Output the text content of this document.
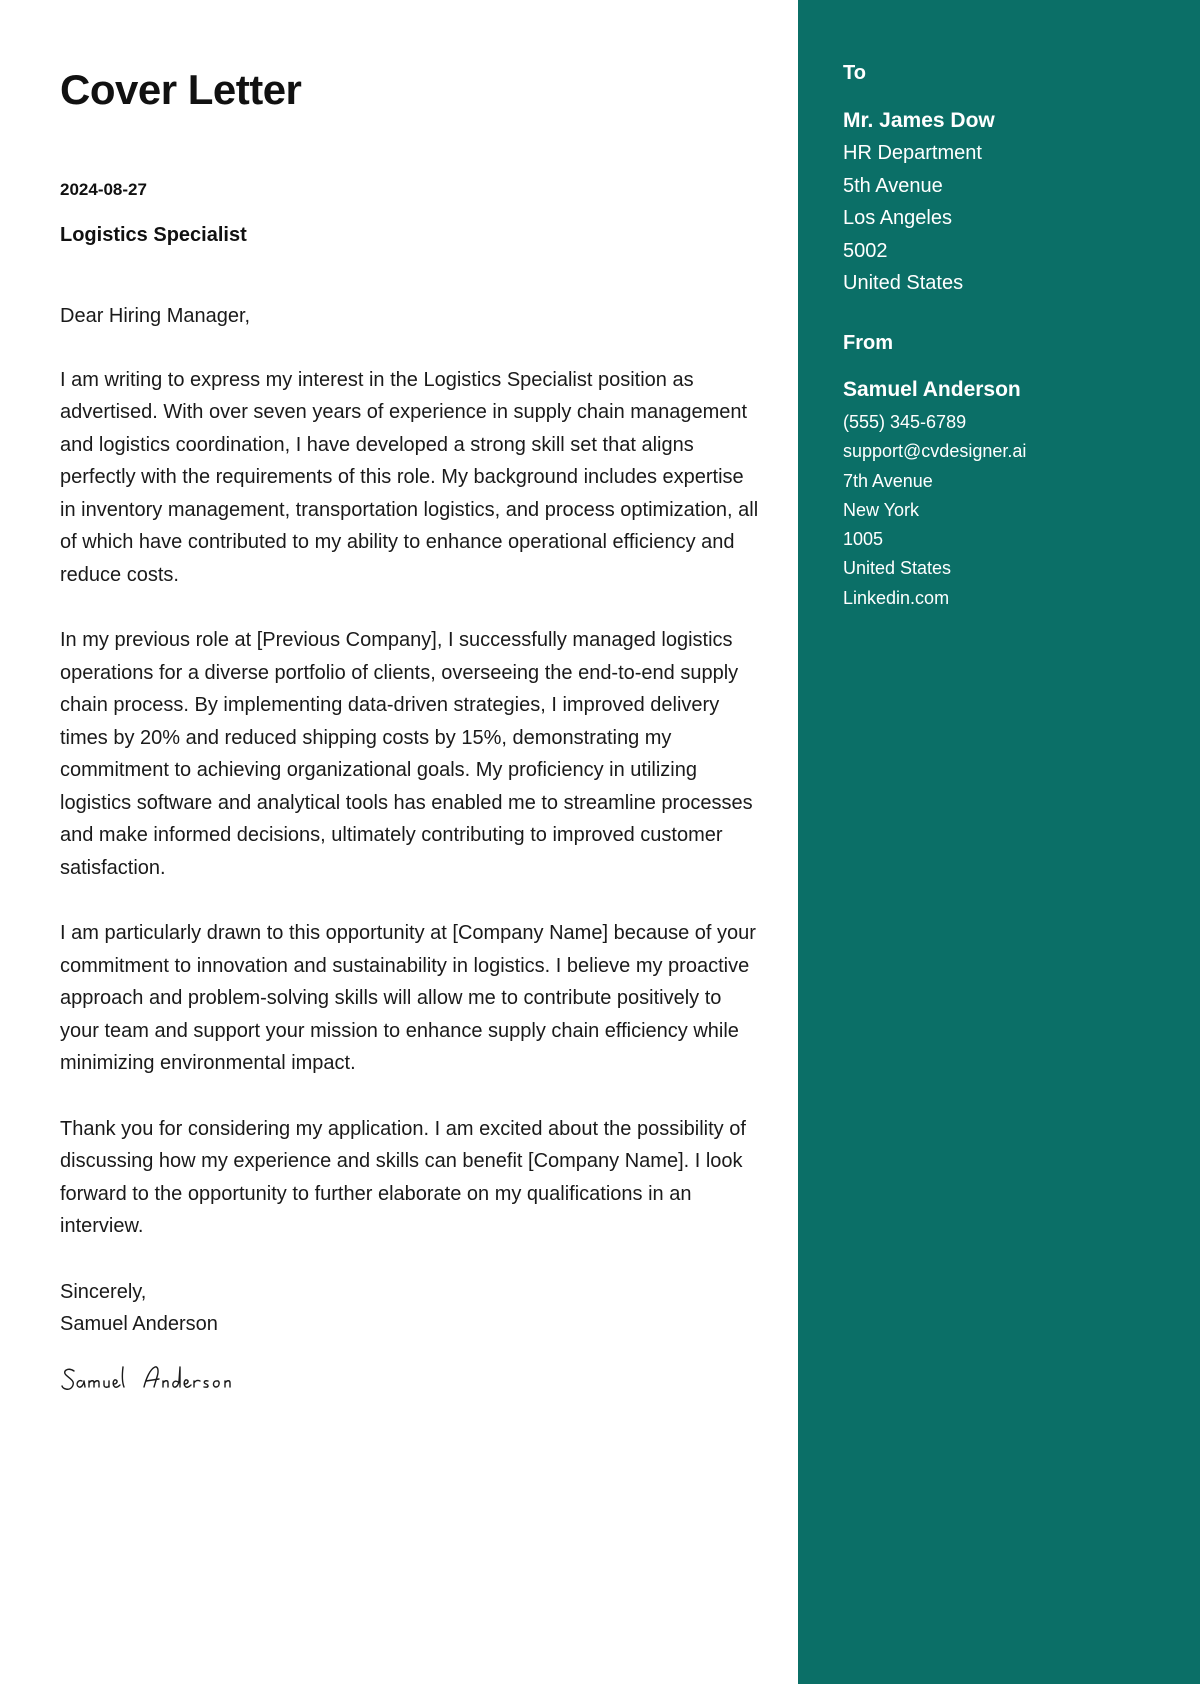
Cover Letter
2024-08-27
Logistics Specialist

Dear Hiring Manager,

I am writing to express my interest in the Logistics Specialist position as advertised. With over seven years of experience in supply chain management and logistics coordination, I have developed a strong skill set that aligns perfectly with the requirements of this role. My background includes expertise in inventory management, transportation logistics, and process optimization, all of which have contributed to my ability to enhance operational efficiency and reduce costs.

In my previous role at [Previous Company], I successfully managed logistics operations for a diverse portfolio of clients, overseeing the end-to-end supply chain process. By implementing data-driven strategies, I improved delivery times by 20% and reduced shipping costs by 15%, demonstrating my commitment to achieving organizational goals. My proficiency in utilizing logistics software and analytical tools has enabled me to streamline processes and make informed decisions, ultimately contributing to improved customer satisfaction.

I am particularly drawn to this opportunity at [Company Name] because of your commitment to innovation and sustainability in logistics. I believe my proactive approach and problem-solving skills will allow me to contribute positively to your team and support your mission to enhance supply chain efficiency while minimizing environmental impact.

Thank you for considering my application. I am excited about the possibility of discussing how my experience and skills can benefit [Company Name]. I look forward to the opportunity to further elaborate on my qualifications in an interview.

Sincerely,
Samuel Anderson
To
Mr. James Dow
HR Department
5th Avenue
Los Angeles
5002
United States
From
Samuel Anderson
(555) 345-6789
support@cvdesigner.ai
7th Avenue
New York
1005
United States
Linkedin.com
